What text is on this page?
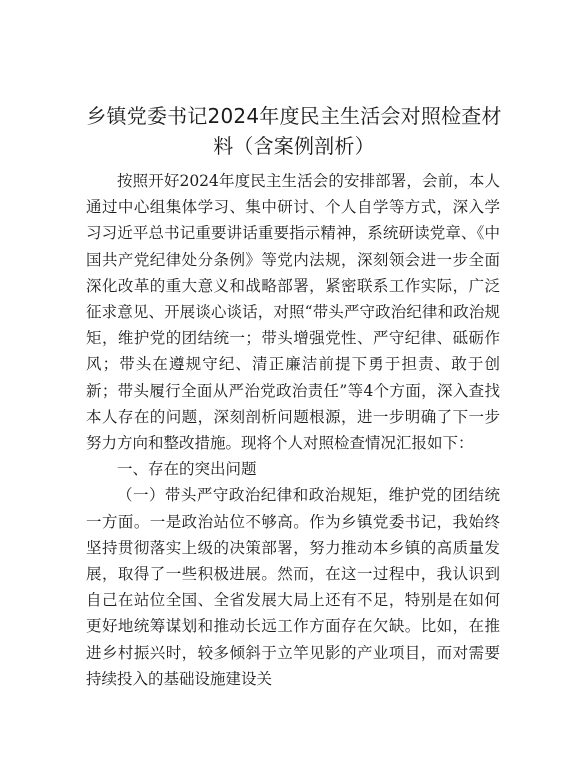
乡镇党委书记2024年度民主生活会对照检查材料（含案例剖析）

按照开好2024年度民主生活会的安排部署，会前，本人通过中心组集体学习、集中研讨、个人自学等方式，深入学习习近平总书记重要讲话重要指示精神，系统研读党章、《中国共产党纪律处分条例》等党内法规，深刻领会进一步全面深化改革的重大意义和战略部署，紧密联系工作实际，广泛征求意见、开展谈心谈话，对照“带头严守政治纪律和政治规矩，维护党的团结统一；带头增强党性、严守纪律、砥砺作风；带头在遵规守纪、清正廉洁前提下勇于担责、敢于创新；带头履行全面从严治党政治责任”等4个方面，深入查找本人存在的问题，深刻剖析问题根源，进一步明确了下一步努力方向和整改措施。现将个人对照检查情况汇报如下：

一、存在的突出问题

（一）带头严守政治纪律和政治规矩，维护党的团结统一方面。一是政治站位不够高。作为乡镇党委书记，我始终坚持贯彻落实上级的决策部署，努力推动本乡镇的高质量发展，取得了一些积极进展。然而，在这一过程中，我认识到自己在站位全国、全省发展大局上还有不足，特别是在如何更好地统筹谋划和推动长远工作方面存在欠缺。比如，在推进乡村振兴时，较多倾斜于立竿见影的产业项目，而对需要持续投入的基础设施建设关
